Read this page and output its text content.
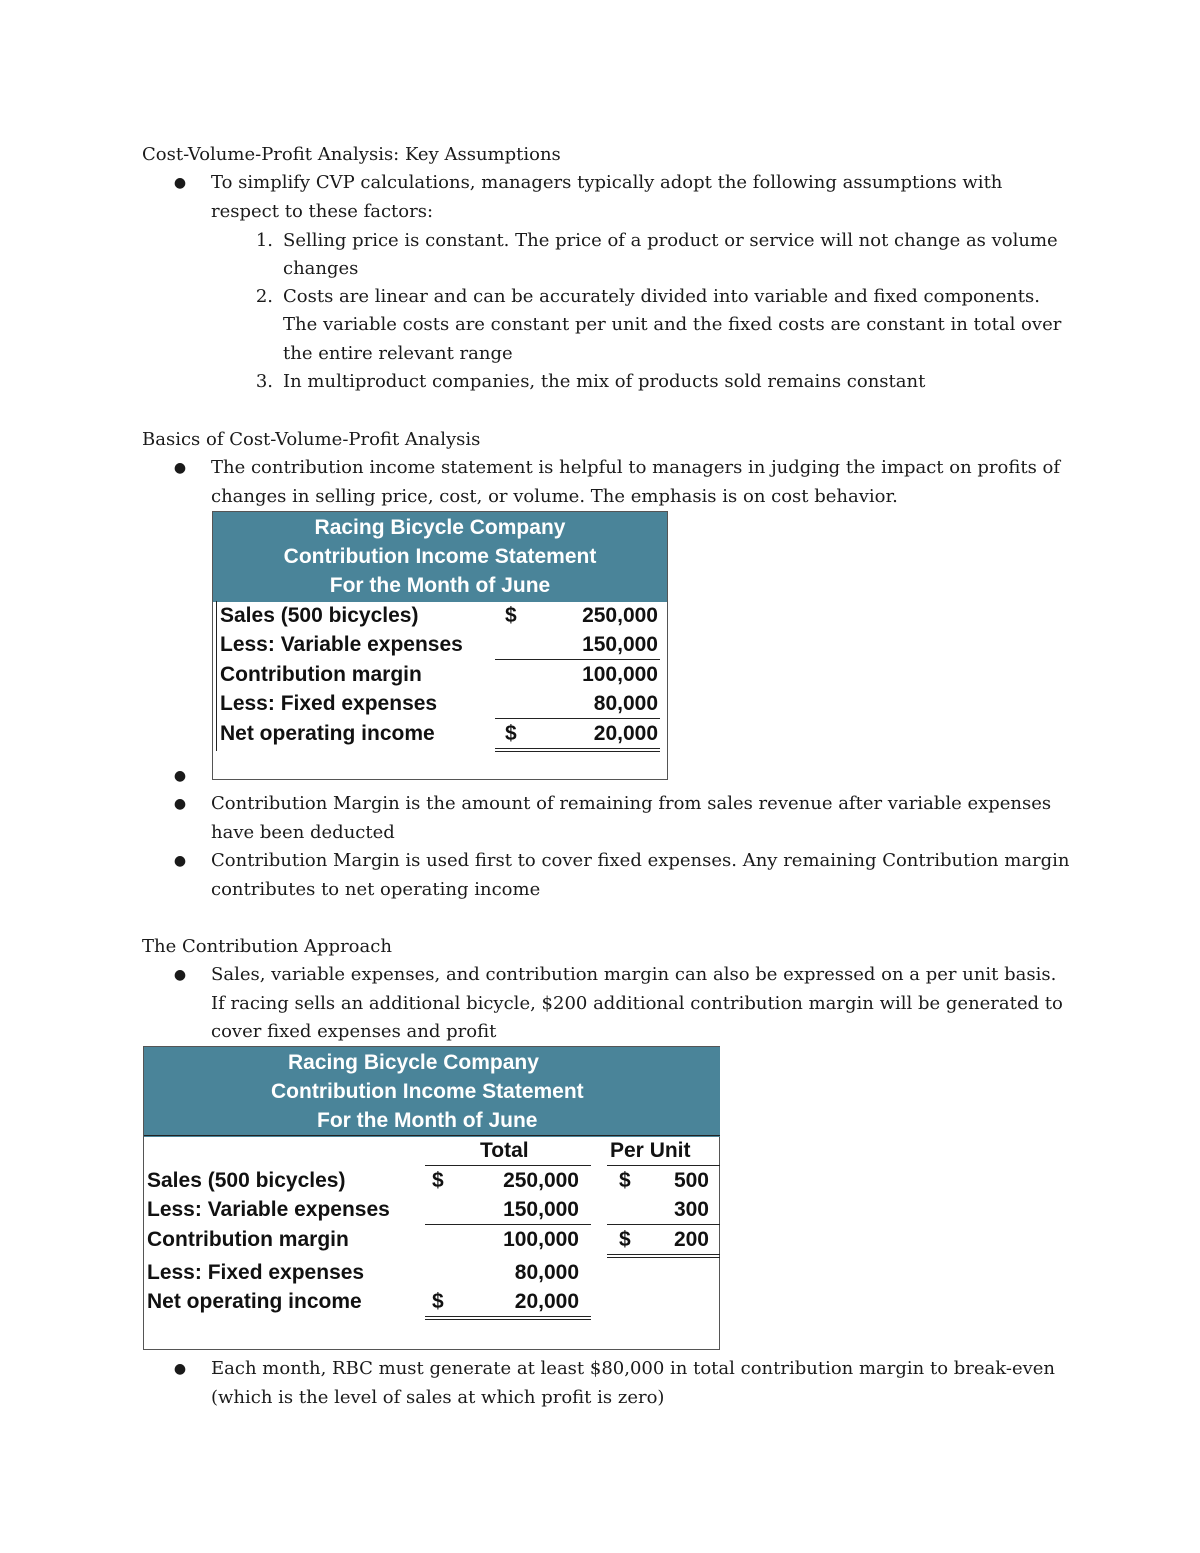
Cost-Volume-Profit Analysis: Key Assumptions
● To simplify CVP calculations, managers typically adopt the following assumptions with respect to these factors:
1. Selling price is constant. The price of a product or service will not change as volume changes
2. Costs are linear and can be accurately divided into variable and fixed components. The variable costs are constant per unit and the fixed costs are constant in total over the entire relevant range
3. In multiproduct companies, the mix of products sold remains constant
Basics of Cost-Volume-Profit Analysis
● The contribution income statement is helpful to managers in judging the impact on profits of changes in selling price, cost, or volume. The emphasis is on cost behavior.
Racing Bicycle Company
Contribution Income Statement
For the Month of June
Sales (500 bicycles)	$	250,000
Less: Variable expenses	150,000
Contribution margin	100,000
Less: Fixed expenses	80,000
Net operating income	$	20,000
●
● Contribution Margin is the amount of remaining from sales revenue after variable expenses have been deducted
● Contribution Margin is used first to cover fixed expenses. Any remaining Contribution margin contributes to net operating income
The Contribution Approach
● Sales, variable expenses, and contribution margin can also be expressed on a per unit basis. If racing sells an additional bicycle, $200 additional contribution margin will be generated to cover fixed expenses and profit
Racing Bicycle Company
Contribution Income Statement
For the Month of June
Total	Per Unit
Sales (500 bicycles)	$	250,000 $	500
Less: Variable expenses	150,000	300
Contribution margin	100,000 $	200
Less: Fixed expenses	80,000
Net operating income	$	20,000
● Each month, RBC must generate at least $80,000 in total contribution margin to break-even (which is the level of sales at which profit is zero)
